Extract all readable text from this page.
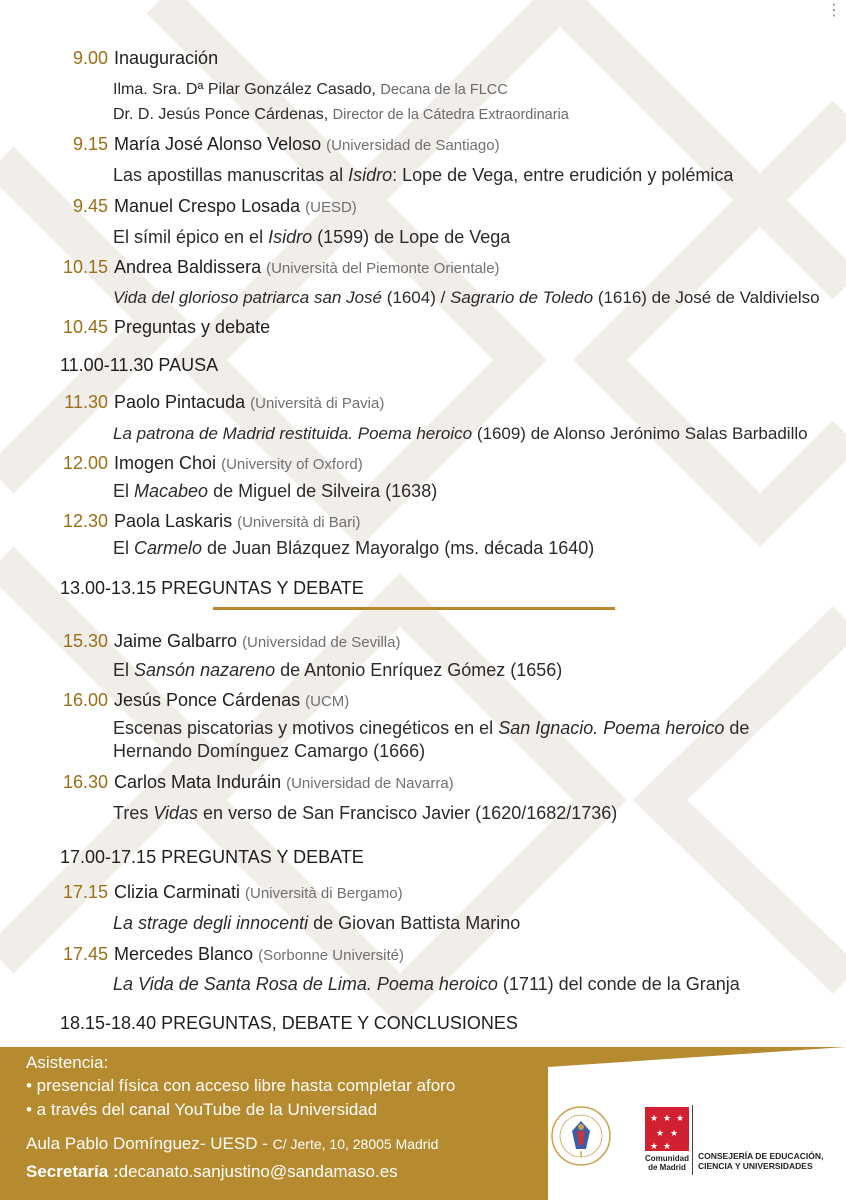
⋮
9.00 Inauguración
Ilma. Sra. Dª Pilar González Casado, Decana de la FLCC
Dr. D. Jesús Ponce Cárdenas, Director de la Cátedra Extraordinaria
9.15 María José Alonso Veloso (Universidad de Santiago)
Las apostillas manuscritas al Isidro: Lope de Vega, entre erudición y polémica
9.45 Manuel Crespo Losada (UESD)
El símil épico en el Isidro (1599) de Lope de Vega
10.15 Andrea Baldissera (Università del Piemonte Orientale)
Vida del glorioso patriarca san José (1604) / Sagrario de Toledo (1616) de José de Valdivielso
10.45 Preguntas y debate
11.00-11.30 PAUSA
11.30 Paolo Pintacuda (Università di Pavia)
La patrona de Madrid restituida. Poema heroico (1609) de Alonso Jerónimo Salas Barbadillo
12.00 Imogen Choi (University of Oxford)
El Macabeo de Miguel de Silveira (1638)
12.30 Paola Laskaris (Università di Bari)
El Carmelo de Juan Blázquez Mayoralgo (ms. década 1640)
13.00-13.15 PREGUNTAS Y DEBATE
15.30 Jaime Galbarro (Universidad de Sevilla)
El Sansón nazareno de Antonio Enríquez Gómez (1656)
16.00 Jesús Ponce Cárdenas (UCM)
Escenas piscatorias y motivos cinegéticos en el San Ignacio. Poema heroico de
Hernando Domínguez Camargo (1666)
16.30 Carlos Mata Induráin (Universidad de Navarra)
Tres Vidas en verso de San Francisco Javier (1620/1682/1736)
17.00-17.15 PREGUNTAS Y DEBATE
17.15 Clizia Carminati (Università di Bergamo)
La strage degli innocenti de Giovan Battista Marino
17.45 Mercedes Blanco (Sorbonne Université)
La Vida de Santa Rosa de Lima. Poema heroico (1711) del conde de la Granja
18.15-18.40 PREGUNTAS, DEBATE Y CONCLUSIONES
Asistencia:
• presencial física con acceso libre hasta completar aforo
• a través del canal YouTube de la Universidad
Aula Pablo Domínguez- UESD - C/ Jerte, 10, 28005 Madrid
Secretaría :decanato.sanjustino@sandamaso.es
★ ★ ★
★ ★
★ ★
Comunidad
de Madrid
CONSEJERÍA DE EDUCACIÓN,
CIENCIA Y UNIVERSIDADES
